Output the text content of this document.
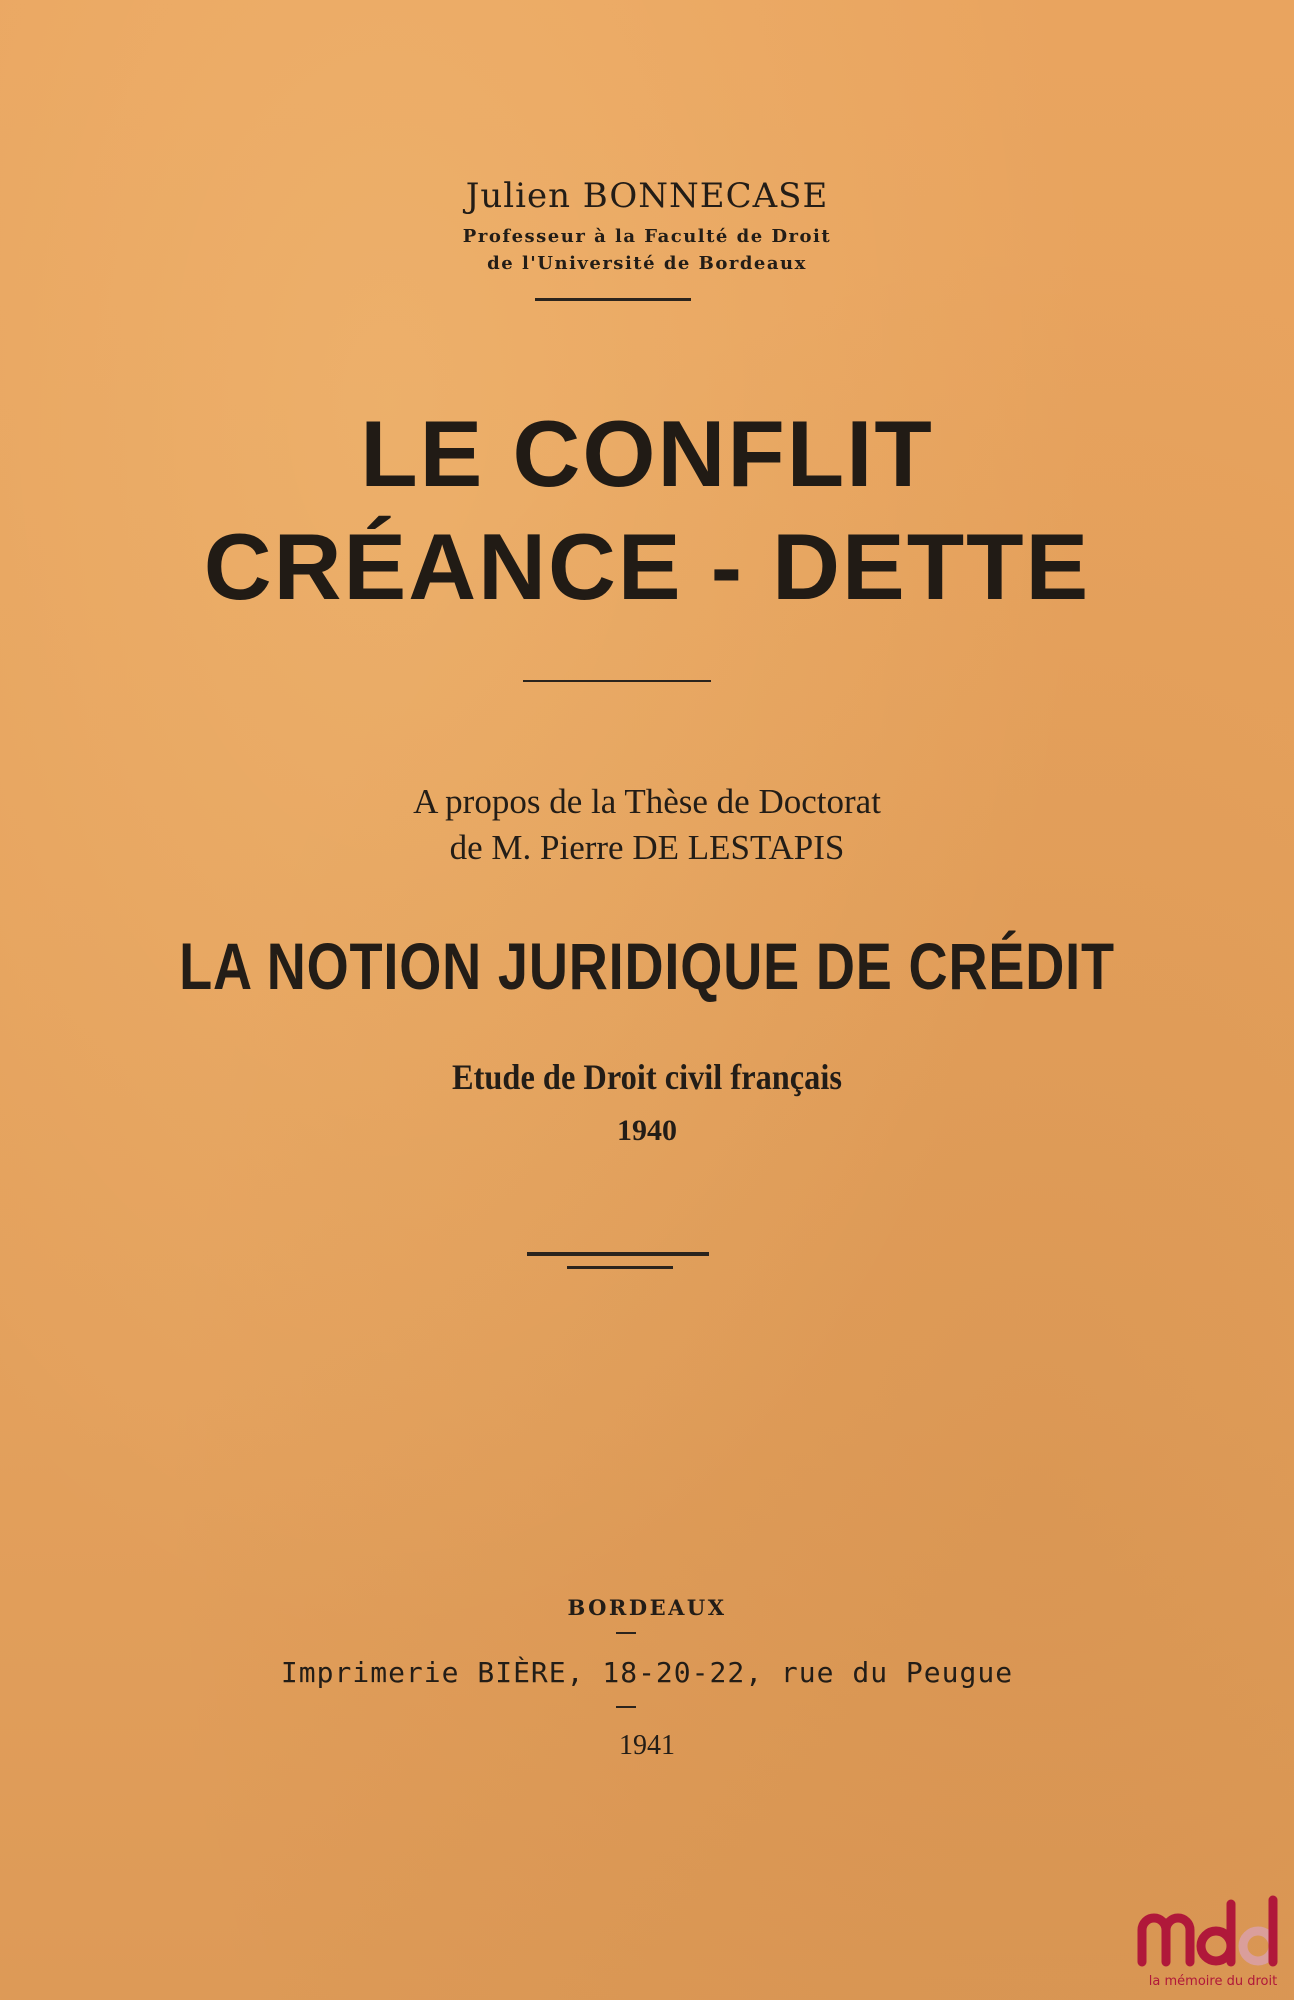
Julien BONNECASE
Professeur à la Faculté de Droit
de l'Université de Bordeaux
LE CONFLIT
CRÉANCE - DETTE
A propos de la Thèse de Doctorat
de M. Pierre DE LESTAPIS
LA NOTION JURIDIQUE DE CRÉDIT
Etude de Droit civil français
1940
BORDEAUX
Imprimerie BIÈRE, 18-20-22, rue du Peugue
1941
la mémoire du droit
